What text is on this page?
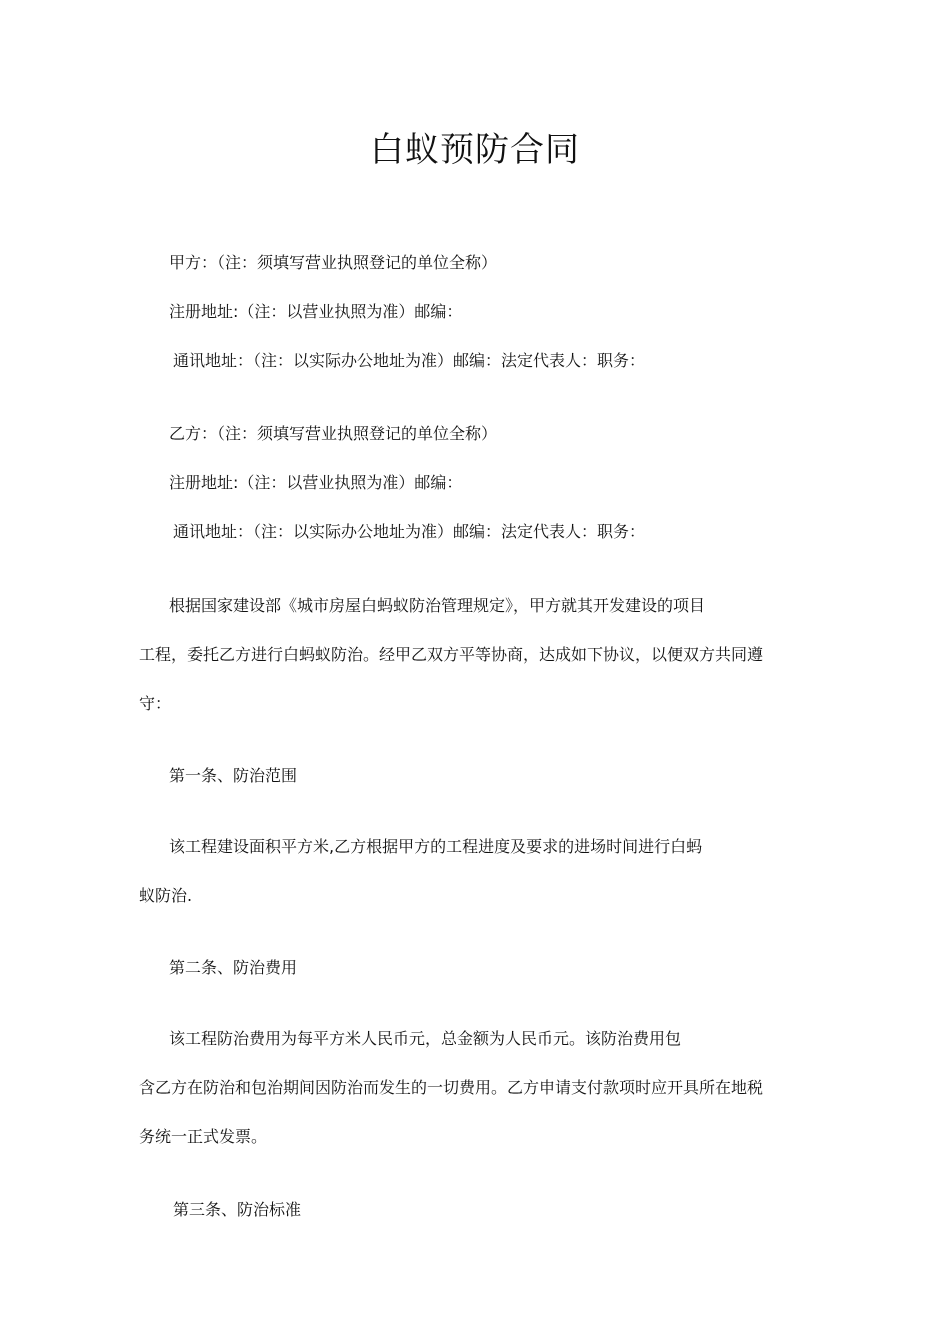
白蚁预防合同
甲方：（注：须填写营业执照登记的单位全称）
注册地址:（注：以营业执照为准）邮编：
通讯地址：（注：以实际办公地址为准）邮编：法定代表人：职务：
乙方：（注：须填写营业执照登记的单位全称）
注册地址:（注：以营业执照为准）邮编：
通讯地址：（注：以实际办公地址为准）邮编：法定代表人：职务：
根据国家建设部《城市房屋白蚂蚁防治管理规定》，甲方就其开发建设的项目
工程，委托乙方进行白蚂蚁防治。经甲乙双方平等协商，达成如下协议，以便双方共同遵
守：
第一条、防治范围
该工程建设面积平方米,乙方根据甲方的工程进度及要求的进场时间进行白蚂
蚁防治.
第二条、防治费用
该工程防治费用为每平方米人民币元，总金额为人民币元。该防治费用包
含乙方在防治和包治期间因防治而发生的一切费用。乙方申请支付款项时应开具所在地税
务统一正式发票。
第三条、防治标准
